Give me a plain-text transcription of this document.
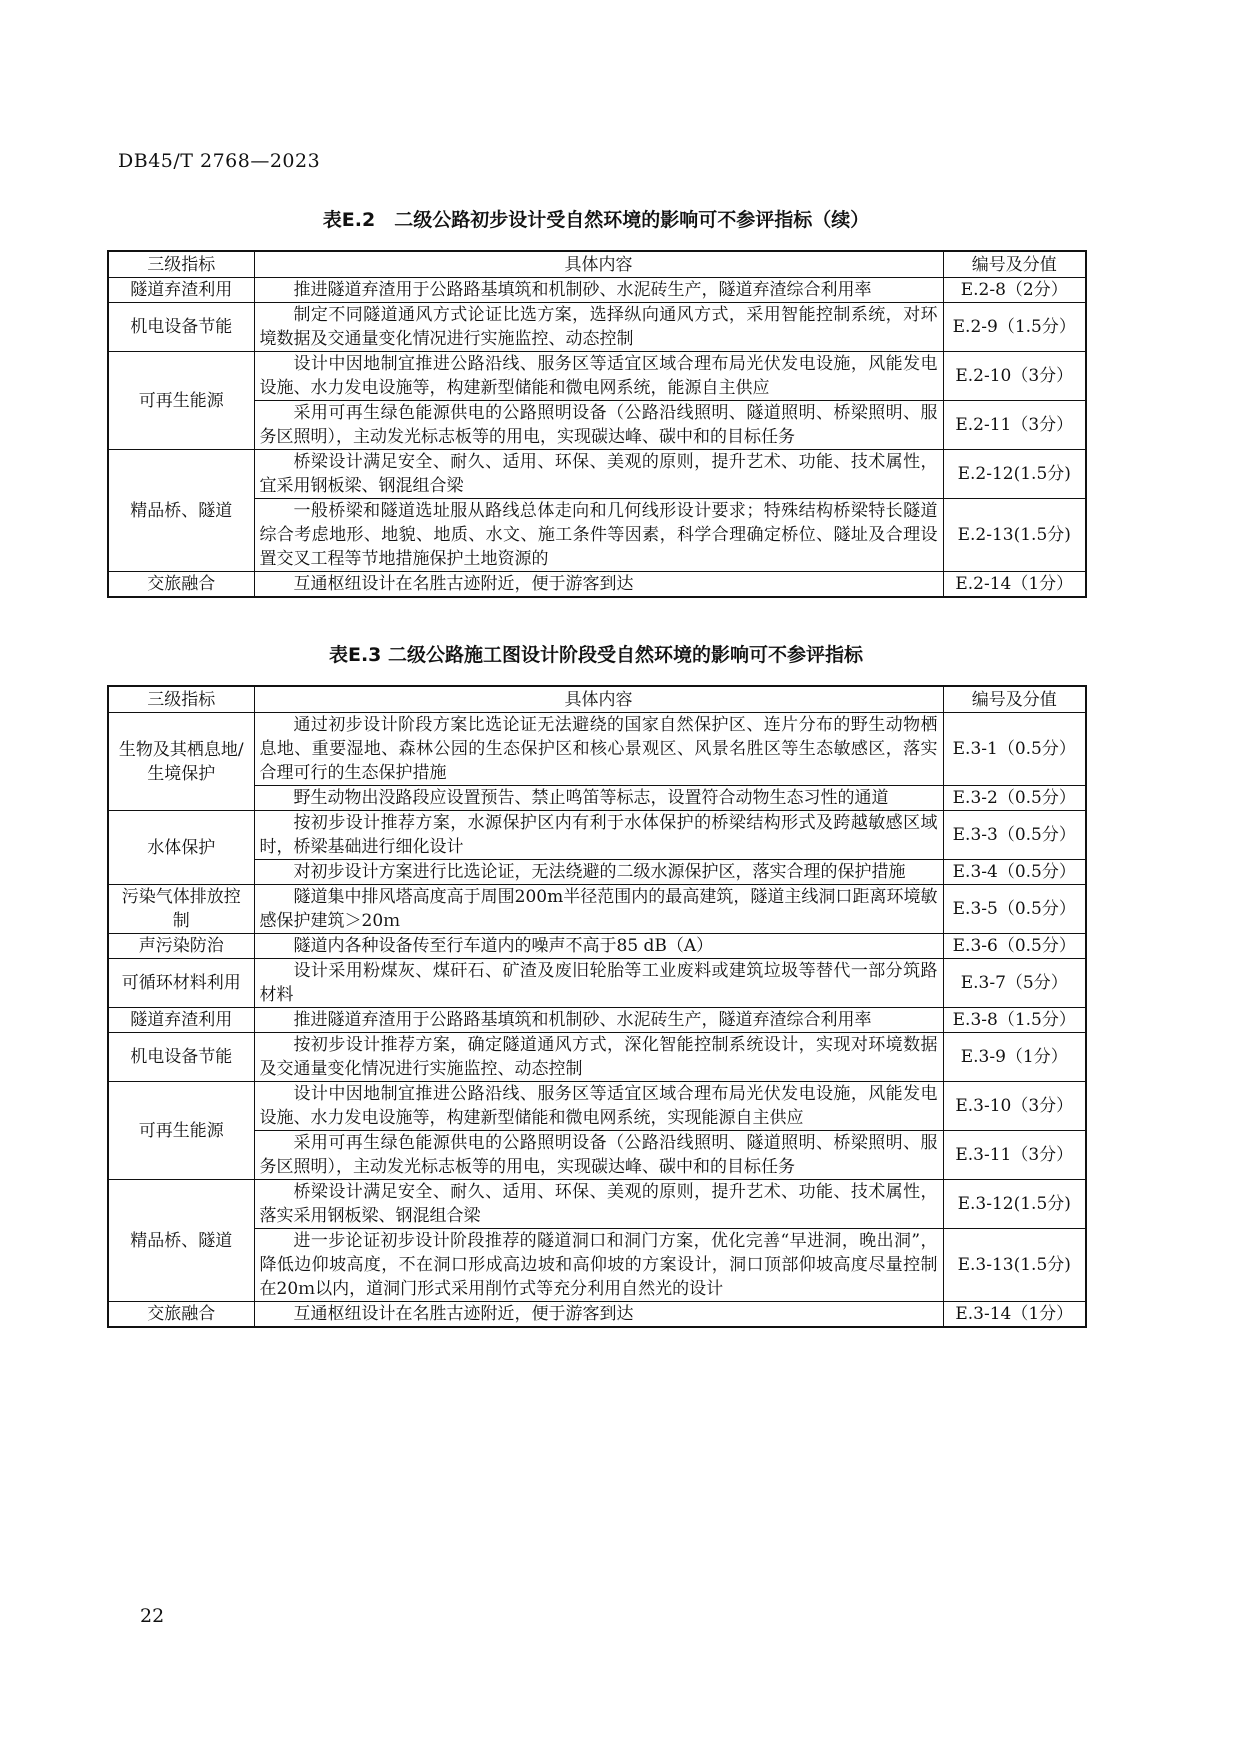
DB45/T 2768—2023
表E.2　二级公路初步设计受自然环境的影响可不参评指标（续）
三级指标	具体内容	编号及分值
隧道弃渣利用	推进隧道弃渣用于公路路基填筑和机制砂、水泥砖生产，隧道弃渣综合利用率	E.2-8（2分）
机电设备节能	制定不同隧道通风方式论证比选方案，选择纵向通风方式，采用智能控制系统，对环境数据及交通量变化情况进行实施监控、动态控制	E.2-9（1.5分）
可再生能源	设计中因地制宜推进公路沿线、服务区等适宜区域合理布局光伏发电设施，风能发电设施、水力发电设施等，构建新型储能和微电网系统，能源自主供应	E.2-10（3分）
	采用可再生绿色能源供电的公路照明设备（公路沿线照明、隧道照明、桥梁照明、服务区照明），主动发光标志板等的用电，实现碳达峰、碳中和的目标任务	E.2-11（3分）
精品桥、隧道	桥梁设计满足安全、耐久、适用、环保、美观的原则，提升艺术、功能、技术属性，宜采用钢板梁、钢混组合梁	E.2-12(1.5分)
	一般桥梁和隧道选址服从路线总体走向和几何线形设计要求；特殊结构桥梁特长隧道综合考虑地形、地貌、地质、水文、施工条件等因素，科学合理确定桥位、隧址及合理设置交叉工程等节地措施保护土地资源的	E.2-13(1.5分)
交旅融合	互通枢纽设计在名胜古迹附近，便于游客到达	E.2-14（1分）
表E.3 二级公路施工图设计阶段受自然环境的影响可不参评指标
三级指标	具体内容	编号及分值
生物及其栖息地/生境保护	通过初步设计阶段方案比选论证无法避绕的国家自然保护区、连片分布的野生动物栖息地、重要湿地、森林公园的生态保护区和核心景观区、风景名胜区等生态敏感区，落实合理可行的生态保护措施	E.3-1（0.5分）
	野生动物出没路段应设置预告、禁止鸣笛等标志，设置符合动物生态习性的通道	E.3-2（0.5分）
水体保护	按初步设计推荐方案，水源保护区内有利于水体保护的桥梁结构形式及跨越敏感区域时，桥梁基础进行细化设计	E.3-3（0.5分）
	对初步设计方案进行比选论证，无法绕避的二级水源保护区，落实合理的保护措施	E.3-4（0.5分）
污染气体排放控制	隧道集中排风塔高度高于周围200m半径范围内的最高建筑，隧道主线洞口距离环境敏感保护建筑＞20ｍ	E.3-5（0.5分）
声污染防治	隧道内各种设备传至行车道内的噪声不高于85 dB（A）	E.3-6（0.5分）
可循环材料利用	设计采用粉煤灰、煤矸石、矿渣及废旧轮胎等工业废料或建筑垃圾等替代一部分筑路材料	E.3-7（5分）
隧道弃渣利用	推进隧道弃渣用于公路路基填筑和机制砂、水泥砖生产，隧道弃渣综合利用率	E.3-8（1.5分）
机电设备节能	按初步设计推荐方案，确定隧道通风方式，深化智能控制系统设计，实现对环境数据及交通量变化情况进行实施监控、动态控制	E.3-9（1分）
可再生能源	设计中因地制宜推进公路沿线、服务区等适宜区域合理布局光伏发电设施，风能发电设施、水力发电设施等，构建新型储能和微电网系统，实现能源自主供应	E.3-10（3分）
	采用可再生绿色能源供电的公路照明设备（公路沿线照明、隧道照明、桥梁照明、服务区照明），主动发光标志板等的用电，实现碳达峰、碳中和的目标任务	E.3-11（3分）
精品桥、隧道	桥梁设计满足安全、耐久、适用、环保、美观的原则，提升艺术、功能、技术属性，落实采用钢板梁、钢混组合梁	E.3-12(1.5分)
	进一步论证初步设计阶段推荐的隧道洞口和洞门方案，优化完善“早进洞，晚出洞”，降低边仰坡高度，不在洞口形成高边坡和高仰坡的方案设计，洞口顶部仰坡高度尽量控制在20ｍ以内，道洞门形式采用削竹式等充分利用自然光的设计	E.3-13(1.5分)
交旅融合	互通枢纽设计在名胜古迹附近，便于游客到达	E.3-14（1分）
22
